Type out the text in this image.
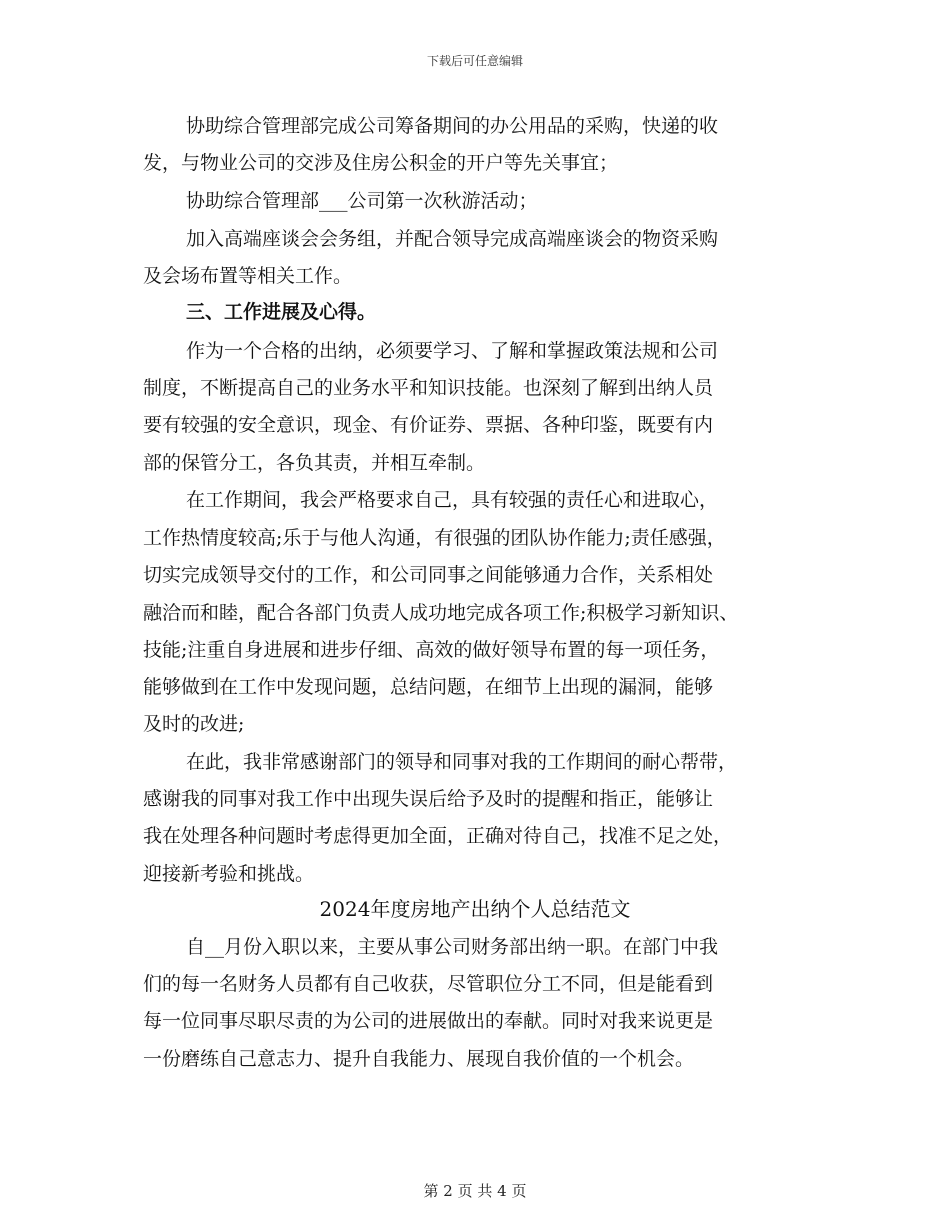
下载后可任意编辑
协助综合管理部完成公司筹备期间的办公用品的采购，快递的收
发，与物业公司的交涉及住房公积金的开户等先关事宜；
协助综合管理部___公司第一次秋游活动；
加入高端座谈会会务组，并配合领导完成高端座谈会的物资采购
及会场布置等相关工作。
三、工作进展及心得。
作为一个合格的出纳，必须要学习、了解和掌握政策法规和公司
制度，不断提高自己的业务水平和知识技能。也深刻了解到出纳人员
要有较强的安全意识，现金、有价证券、票据、各种印鉴，既要有内
部的保管分工，各负其责，并相互牵制。
在工作期间，我会严格要求自己，具有较强的责任心和进取心，
工作热情度较高;乐于与他人沟通，有很强的团队协作能力;责任感强，
切实完成领导交付的工作，和公司同事之间能够通力合作，关系相处
融洽而和睦，配合各部门负责人成功地完成各项工作;积极学习新知识、
技能;注重自身进展和进步仔细、高效的做好领导布置的每一项任务，
能够做到在工作中发现问题，总结问题，在细节上出现的漏洞，能够
及时的改进;
在此，我非常感谢部门的领导和同事对我的工作期间的耐心帮带，
感谢我的同事对我工作中出现失误后给予及时的提醒和指正，能够让
我在处理各种问题时考虑得更加全面，正确对待自己，找准不足之处，
迎接新考验和挑战。
2024年度房地产出纳个人总结范文
自__月份入职以来，主要从事公司财务部出纳一职。在部门中我
们的每一名财务人员都有自己收获，尽管职位分工不同，但是能看到
每一位同事尽职尽责的为公司的进展做出的奉献。同时对我来说更是
一份磨练自己意志力、提升自我能力、展现自我价值的一个机会。
第 2 页 共 4 页
